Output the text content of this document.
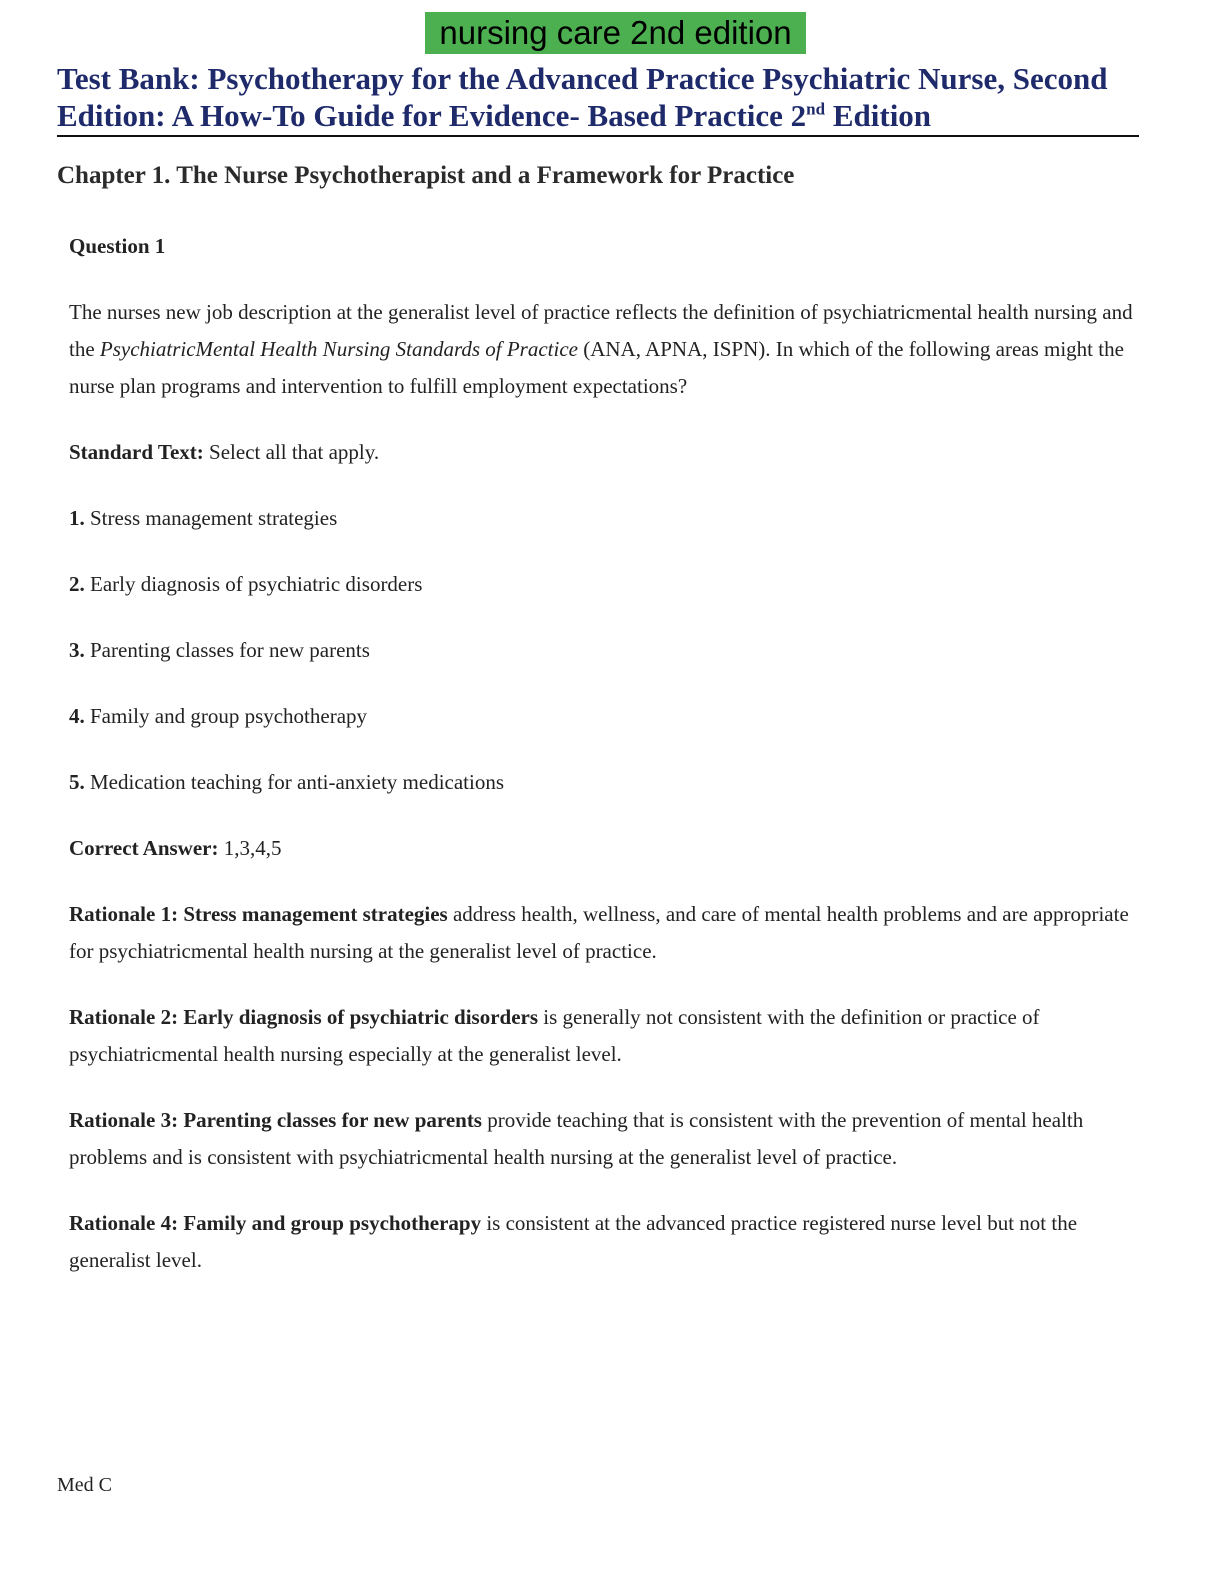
nursing care 2nd edition
Test Bank: Psychotherapy for the Advanced Practice Psychiatric Nurse, Second Edition: A How-To Guide for Evidence- Based Practice 2nd Edition
Chapter 1. The Nurse Psychotherapist and a Framework for Practice

Question 1

The nurses new job description at the generalist level of practice reflects the definition of psychiatricmental health nursing and the PsychiatricMental Health Nursing Standards of Practice (ANA, APNA, ISPN). In which of the following areas might the nurse plan programs and intervention to fulfill employment expectations?

Standard Text: Select all that apply.

1. Stress management strategies

2. Early diagnosis of psychiatric disorders

3. Parenting classes for new parents

4. Family and group psychotherapy

5. Medication teaching for anti-anxiety medications

Correct Answer: 1,3,4,5

Rationale 1: Stress management strategies address health, wellness, and care of mental health problems and are appropriate for psychiatricmental health nursing at the generalist level of practice.

Rationale 2: Early diagnosis of psychiatric disorders is generally not consistent with the definition or practice of psychiatricmental health nursing especially at the generalist level.

Rationale 3: Parenting classes for new parents provide teaching that is consistent with the prevention of mental health problems and is consistent with psychiatricmental health nursing at the generalist level of practice.

Rationale 4: Family and group psychotherapy is consistent at the advanced practice registered nurse level but not the generalist level.

Med C
